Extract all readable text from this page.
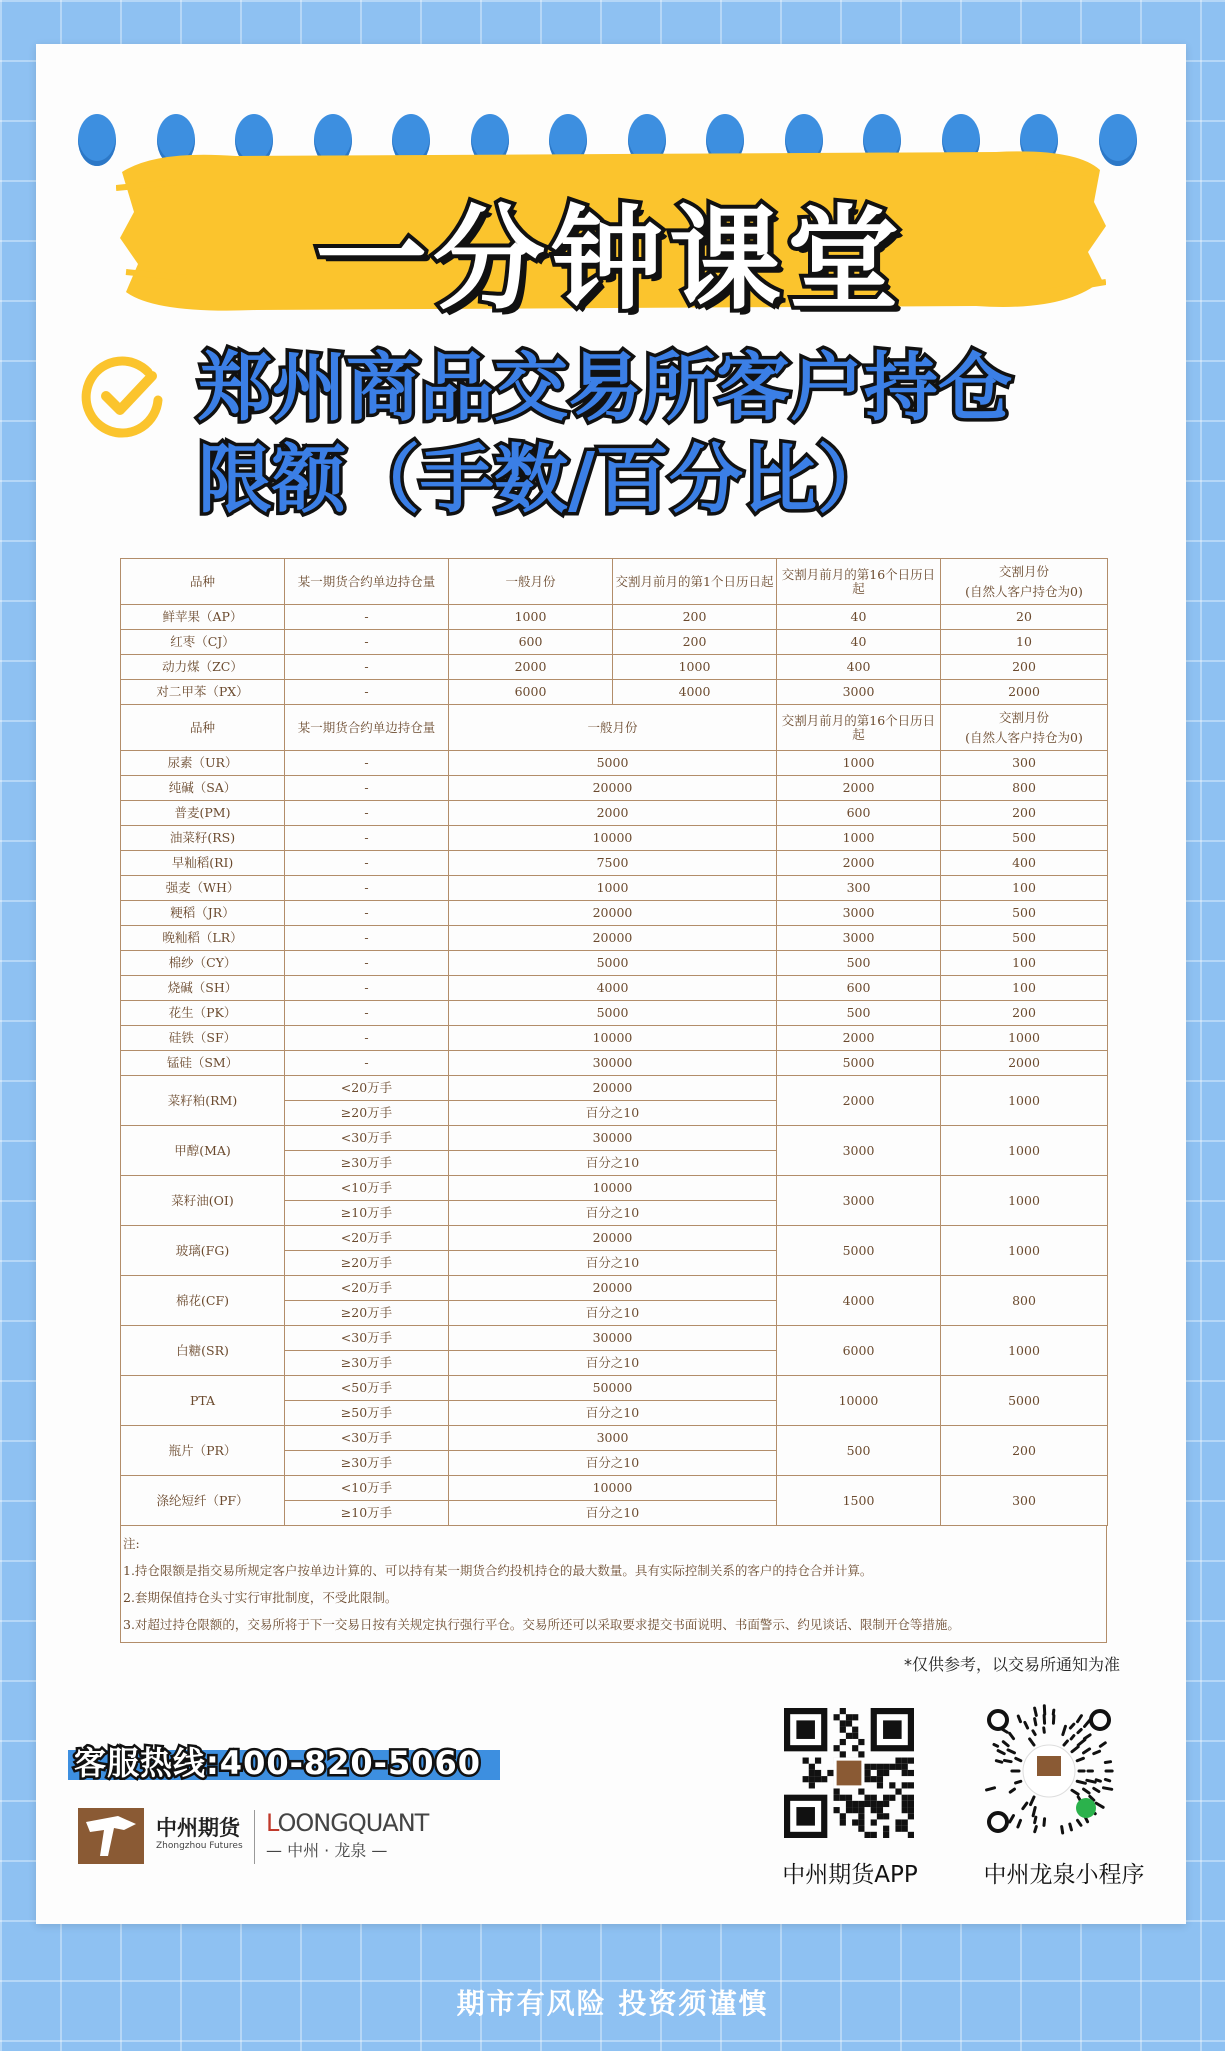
一分钟课堂
郑州商品交易所客户持仓
限额（手数/百分比）
品种	某一期货合约单边持仓量	一般月份	交割月前月的第1个日历日起	交割月前月的第16个日历日起	交割月份
(自然人客户持仓为0)

鲜苹果（AP）	-	1000	200	40	20
红枣（CJ）	-	600	200	40	10
动力煤（ZC）	-	2000	1000	400	200
对二甲苯（PX）	-	6000	4000	3000	2000
品种	某一期货合约单边持仓量	一般月份		交割月前月的第16个日历日起	交割月份
(自然人客户持仓为0)

尿素（UR）	-	5000		1000	300
纯碱（SA）	-	20000		2000	800
普麦(PM)	-	2000		600	200
油菜籽(RS)	-	10000		1000	500
早籼稻(RI)	-	7500		2000	400
强麦（WH）	-	1000		300	100
粳稻（JR）	-	20000		3000	500
晚籼稻（LR）	-	20000		3000	500
棉纱（CY）	-	5000		500	100
烧碱（SH）	-	4000		600	100
花生（PK）	-	5000		500	200
硅铁（SF）	-	10000		2000	1000
锰硅（SM）	-	30000		5000	2000
菜籽粕(RM)	<20万手	20000		2000	1000
	≥20万手	百分之10			
甲醇(MA)	<30万手	30000		3000	1000
	≥30万手	百分之10			
菜籽油(OI)	<10万手	10000		3000	1000
	≥10万手	百分之10			
玻璃(FG)	<20万手	20000		5000	1000
	≥20万手	百分之10			
棉花(CF)	<20万手	20000		4000	800
	≥20万手	百分之10			
白糖(SR)	<30万手	30000		6000	1000
	≥30万手	百分之10			
PTA	<50万手	50000		10000	5000
	≥50万手	百分之10			
瓶片（PR）	<30万手	3000		500	200
	≥30万手	百分之10			
涤纶短纤（PF）	<10万手	10000		1500	300
	≥10万手	百分之10			
注:
1.持仓限额是指交易所规定客户按单边计算的、可以持有某一期货合约投机持仓的最大数量。具有实际控制关系的客户的持仓合并计算。
2.套期保值持仓头寸实行审批制度，不受此限制。
3.对超过持仓限额的，交易所将于下一交易日按有关规定执行强行平仓。交易所还可以采取要求提交书面说明、书面警示、约见谈话、限制开仓等措施。
*仅供参考，以交易所通知为准
客服热线:400-820-5060
中州期货
Zhongzhou Futures
LOONGQUANT
— 中州 · 龙泉 —
中州期货APP	中州龙泉小程序
期市有风险 投资须谨慎
